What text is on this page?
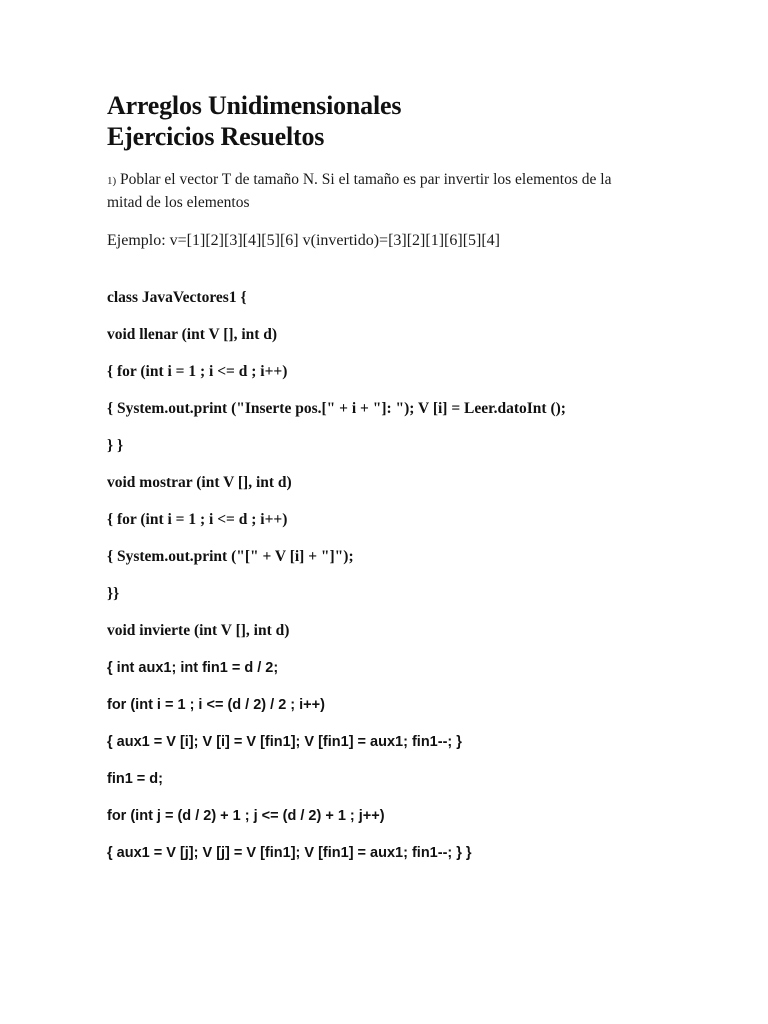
Arreglos Unidimensionales
Ejercicios Resueltos
1) Poblar el vector T de tamaño N. Si el tamaño es par invertir los elementos de la mitad de los elementos
Ejemplo: v=[1][2][3][4][5][6] v(invertido)=[3][2][1][6][5][4]
class JavaVectores1 {
void llenar (int V [], int d)
{ for (int i = 1 ; i <= d ; i++)
{ System.out.print ("Inserte pos.[" + i + "]: "); V [i] = Leer.datoInt ();
} }
void mostrar (int V [], int d)
{ for (int i = 1 ; i <= d ; i++)
{ System.out.print ("[" + V [i] + "]");
}}
void invierte (int V [], int d)
{ int aux1; int fin1 = d / 2;
for (int i = 1 ; i <= (d / 2) / 2 ; i++)
{ aux1 = V [i]; V [i] = V [fin1]; V [fin1] = aux1; fin1--; }
fin1 = d;
for (int j = (d / 2) + 1 ; j <= (d / 2) + 1 ; j++)
{ aux1 = V [j]; V [j] = V [fin1]; V [fin1] = aux1; fin1--; } }
